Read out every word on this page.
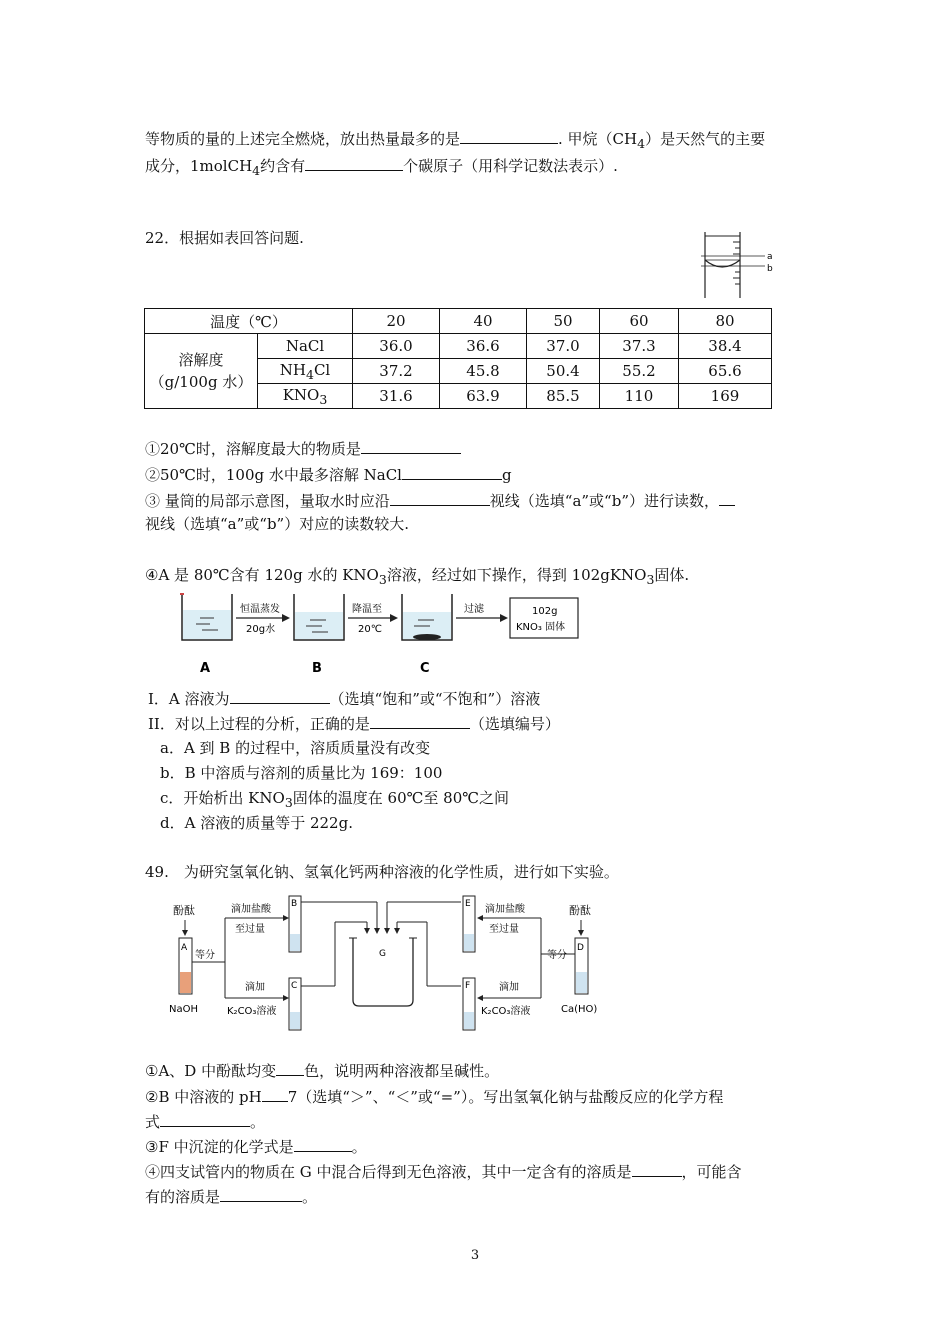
等物质的量的上述完全燃烧，放出热量最多的是	. 甲烷$(CH_4)$是天然气的主要
成分，1molCH$_4$约含有	个碳原子（用科学记数法表示）.
22．根据如表回答问题.
a
b
温度（℃）		20	40	50	60	80
溶解度
（g/100g 水）	NaCl	36.0	36.6	37.0	37.3	38.4
	$NH_4Cl$	37.2	45.8	50.4	55.2	65.6
	$KNO_3$	31.6	63.9	85.5	110	169
①20℃时，溶解度最大的物质是
②50℃时，100g 水中最多溶解 NaCl	g
③ 量筒的局部示意图，量取水时应沿	视线（选填“a”或“b”）进行读数，
视线（选填“a”或“b”）对应的读数较大.
④A 是 80℃含有 120g 水的 $KNO_3$溶液，经过如下操作，得到 102gKNO$_3$固体.
恒温蒸发
20g水
降温至
20℃
过滤	102g
KNO₃ 固体
A	B	C
I．A 溶液为	（选填“饱和”或“不饱和”）溶液
II．对以上过程的分析，正确的是	（选填编号）
a．A 到 B 的过程中，溶质质量没有改变
b．B 中溶质与溶剂的质量比为 169：100
c．开始析出 $KNO_3$固体的温度在 60℃至 80℃之间
d．A 溶液的质量等于 222g.
49.　为研究氢氧化钠、氢氧化钙两种溶液的化学性质，进行如下实验。
酚酞
A
NaOH
等分
滴加盐酸
至过量
滴加
K₂CO₃溶液
B
C
G
E
F
滴加盐酸
至过量
滴加
K₂CO₃溶液
等分
酚酞
D
Ca(HO)
①A、D 中酚酞均变 色，说明两种溶液都呈碱性。
②B 中溶液的 pH 7（选填“＞”、“＜”或“=”）。写出氢氧化钠与盐酸反应的化学方程
式	。
③F 中沉淀的化学式是	。
④四支试管内的物质在 G 中混合后得到无色溶液，其中一定含有的溶质是	，可能含
有的溶质是	。
3
